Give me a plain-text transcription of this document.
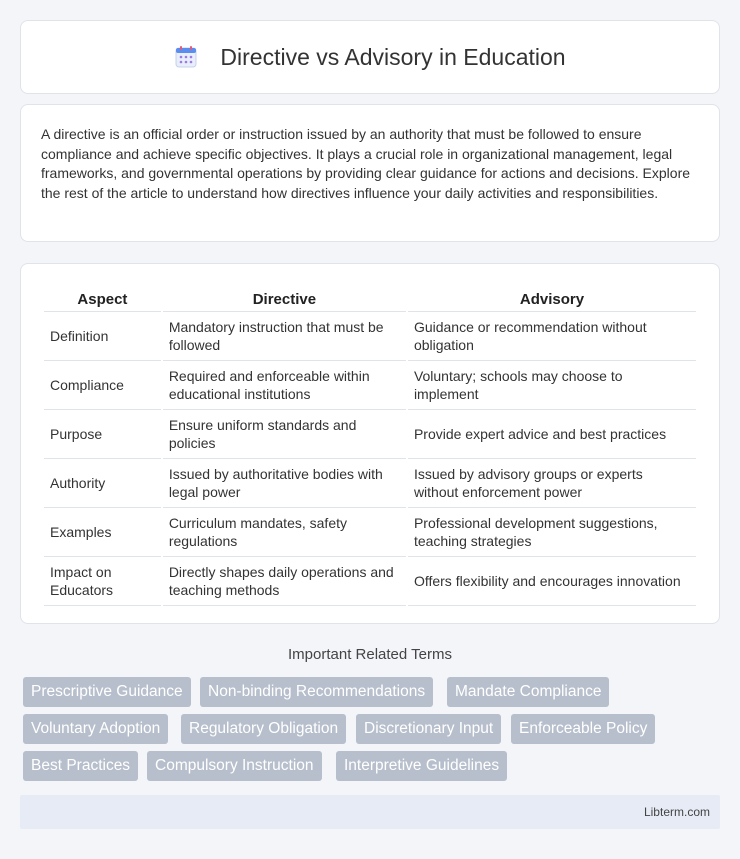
Directive vs Advisory in Education

A directive is an official order or instruction issued by an authority that must be followed to ensure compliance and achieve specific objectives. It plays a crucial role in organizational management, legal frameworks, and governmental operations by providing clear guidance for actions and decisions. Explore the rest of the article to understand how directives influence your daily activities and responsibilities.

Aspect	Directive	Advisory
Definition	Mandatory instruction that must be followed	Guidance or recommendation without obligation
Compliance	Required and enforceable within educational institutions	Voluntary; schools may choose to implement
Purpose	Ensure uniform standards and policies	Provide expert advice and best practices
Authority	Issued by authoritative bodies with legal power	Issued by advisory groups or experts without enforcement power
Examples	Curriculum mandates, safety regulations	Professional development suggestions, teaching strategies
Impact on Educators	Directly shapes daily operations and teaching methods	Offers flexibility and encourages innovation
Important Related Terms
Prescriptive Guidance	Non-binding Recommendations	Mandate Compliance
Voluntary Adoption	Regulatory Obligation	Discretionary Input	Enforceable Policy
Best Practices	Compulsory Instruction	Interpretive Guidelines
Libterm.com
